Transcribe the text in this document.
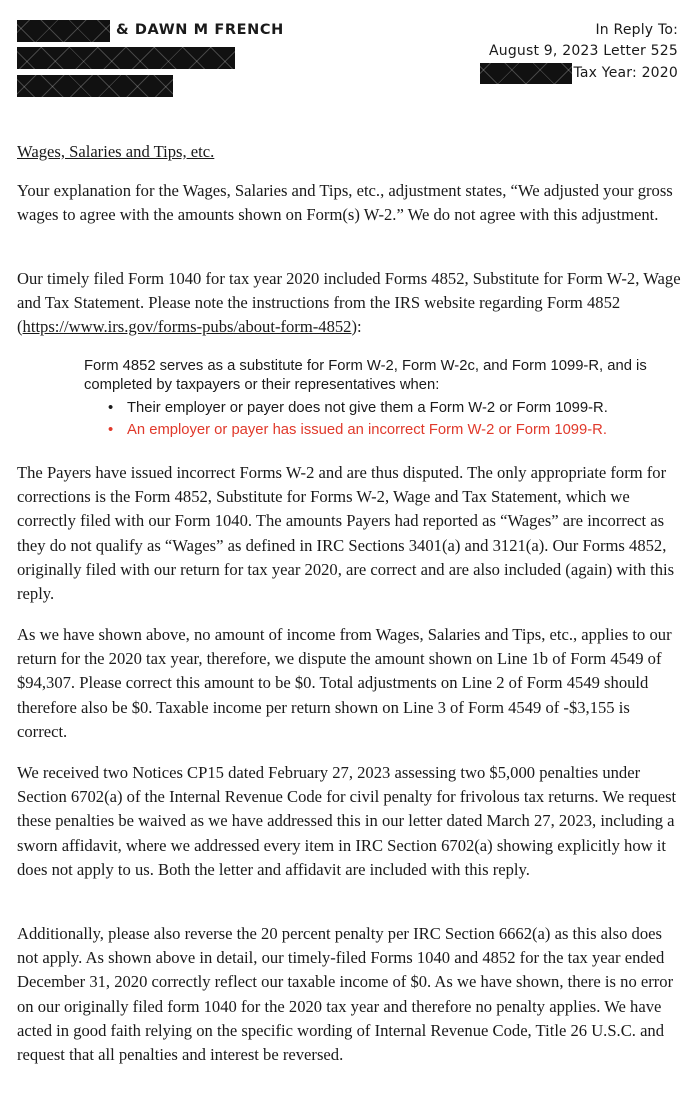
& DAWN M FRENCH	In Reply To:
August 9, 2023 Letter 525
Tax Year: 2020

Wages, Salaries and Tips, etc.

Your explanation for the Wages, Salaries and Tips, etc., adjustment states, “We adjusted your gross wages to agree with the amounts shown on Form(s) W-2.” We do not agree with this adjustment.

Our timely filed Form 1040 for tax year 2020 included Forms 4852, Substitute for Form W-2, Wage and Tax Statement. Please note the instructions from the IRS website regarding Form 4852 (https://www.irs.gov/forms-pubs/about-form-4852):

Form 4852 serves as a substitute for Form W-2, Form W-2c, and Form 1099-R, and is completed by taxpayers or their representatives when:
• Their employer or payer does not give them a Form W-2 or Form 1099-R.
• An employer or payer has issued an incorrect Form W-2 or Form 1099-R.

The Payers have issued incorrect Forms W-2 and are thus disputed. The only appropriate form for corrections is the Form 4852, Substitute for Forms W-2, Wage and Tax Statement, which we correctly filed with our Form 1040. The amounts Payers had reported as “Wages” are incorrect as they do not qualify as “Wages” as defined in IRC Sections 3401(a) and 3121(a). Our Forms 4852, originally filed with our return for tax year 2020, are correct and are also included (again) with this reply.

As we have shown above, no amount of income from Wages, Salaries and Tips, etc., applies to our return for the 2020 tax year, therefore, we dispute the amount shown on Line 1b of Form 4549 of $94,307. Please correct this amount to be $0. Total adjustments on Line 2 of Form 4549 should therefore also be $0. Taxable income per return shown on Line 3 of Form 4549 of -$3,155 is correct.

We received two Notices CP15 dated February 27, 2023 assessing two $5,000 penalties under Section 6702(a) of the Internal Revenue Code for civil penalty for frivolous tax returns. We request these penalties be waived as we have addressed this in our letter dated March 27, 2023, including a sworn affidavit, where we addressed every item in IRC Section 6702(a) showing explicitly how it does not apply to us. Both the letter and affidavit are included with this reply.

Additionally, please also reverse the 20 percent penalty per IRC Section 6662(a) as this also does not apply. As shown above in detail, our timely-filed Forms 1040 and 4852 for the tax year ended December 31, 2020 correctly reflect our taxable income of $0. As we have shown, there is no error on our originally filed form 1040 for the 2020 tax year and therefore no penalty applies. We have acted in good faith relying on the specific wording of Internal Revenue Code, Title 26 U.S.C. and request that all penalties and interest be reversed.
